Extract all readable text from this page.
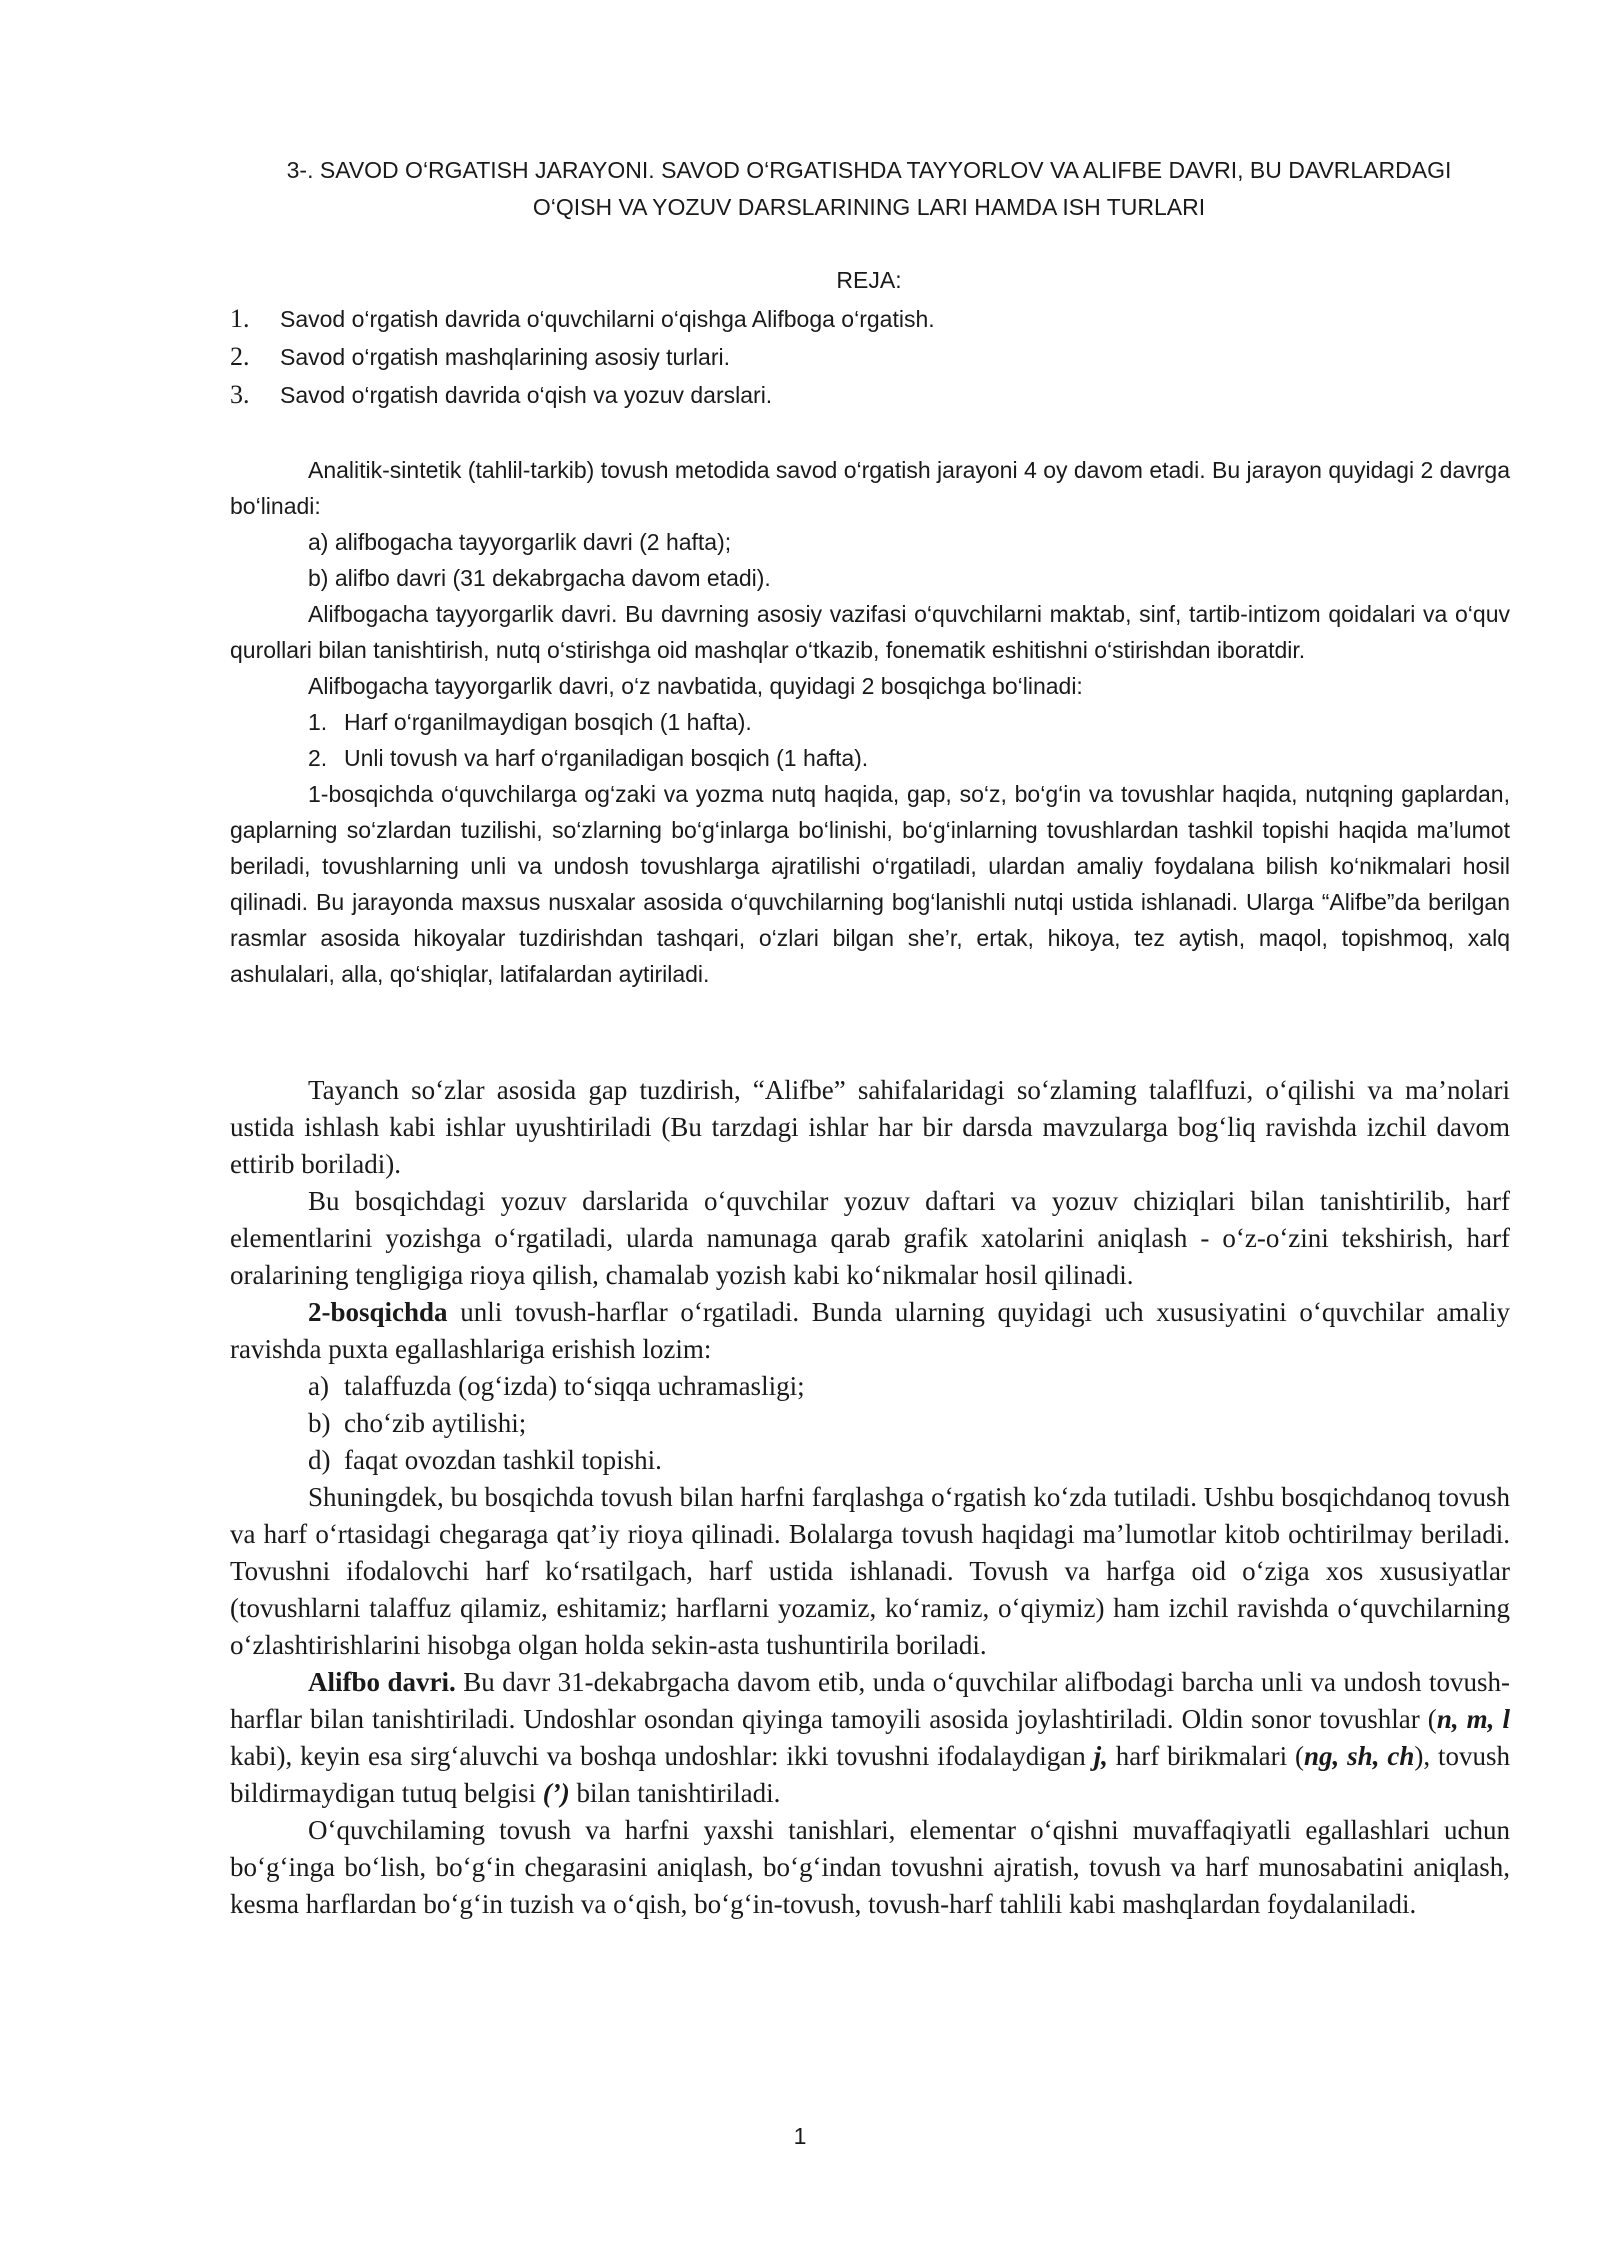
3-. SAVOD O‘RGATISH JARAYONI. SAVOD O‘RGATISHDA TAYYORLOV VA ALIFBE DAVRI, BU DAVRLARDAGI
O‘QISH VA YOZUV DARSLARINING LARI HAMDA ISH TURLARI
REJA:
1. Savod o‘rgatish davrida o‘quvchilarni o‘qishga Alifboga o‘rgatish.
2. Savod o‘rgatish mashqlarining asosiy turlari.
3. Savod o‘rgatish davrida o‘qish va yozuv darslari.

Analitik-sintetik (tahlil-tarkib) tovush metodida savod o‘rgatish jarayoni 4 oy davom etadi. Bu jarayon quyidagi 2 davrga bo‘linadi:

a) alifbogacha tayyorgarlik davri (2 hafta);

b) alifbo davri (31 dekabrgacha davom etadi).

Alifbogacha tayyorgarlik davri. Bu davrning asosiy vazifasi o‘quvchilarni maktab, sinf, tartib-intizom qoidalari va o‘quv qurollari bilan tanishtirish, nutq o‘stirishga oid mashqlar o‘tkazib, fonematik eshitishni o‘stirishdan iboratdir.

Alifbogacha tayyorgarlik davri, o‘z navbatida, quyidagi 2 bosqichga bo‘linadi:

1. Harf o‘rganilmaydigan bosqich (1 hafta).

2. Unli tovush va harf o‘rganiladigan bosqich (1 hafta).

1-bosqichda o‘quvchilarga og‘zaki va yozma nutq haqida, gap, so‘z, bo‘g‘in va tovushlar haqida, nutqning gaplardan, gaplarning so‘zlardan tuzilishi, so‘zlarning bo‘g‘inlarga bo‘linishi, bo‘g‘inlarning tovushlardan tashkil topishi haqida ma’lumot beriladi, tovushlarning unli va undosh tovushlarga ajratilishi o‘rgatiladi, ulardan amaliy foydalana bilish ko‘nikmalari hosil qilinadi. Bu jarayonda maxsus nusxalar asosida o‘quvchilarning bog‘lanishli nutqi ustida ishlanadi. Ularga “Alifbe”da berilgan rasmlar asosida hikoyalar tuzdirishdan tashqari, o‘zlari bilgan she’r, ertak, hikoya, tez aytish, maqol, topishmoq, xalq ashulalari, alla, qo‘shiqlar, latifalardan aytiriladi.

Tayanch so‘zlar asosida gap tuzdirish, “Alifbe” sahifalaridagi so‘zlaming talaflfuzi, o‘qilishi va ma’nolari ustida ishlash kabi ishlar uyushtiriladi (Bu tarzdagi ishlar har bir darsda mavzularga bog‘liq ravishda izchil davom ettirib boriladi).

Bu bosqichdagi yozuv darslarida o‘quvchilar yozuv daftari va yozuv chiziqlari bilan tanishtirilib, harf elementlarini yozishga o‘rgatiladi, ularda namunaga qarab grafik xatolarini aniqlash - o‘z-o‘zini tekshirish, harf oralarining tengligiga rioya qilish, chamalab yozish kabi ko‘nikmalar hosil qilinadi.

2-bosqichda unli tovush-harflar o‘rgatiladi. Bunda ularning quyidagi uch xususiyatini o‘quvchilar amaliy ravishda puxta egallashlariga erishish lozim:

a) talaffuzda (og‘izda) to‘siqqa uchramasligi;

b) cho‘zib aytilishi;

d) faqat ovozdan tashkil topishi.

Shuningdek, bu bosqichda tovush bilan harfni farqlashga o‘rgatish ko‘zda tutiladi. Ushbu bosqichdanoq tovush va harf o‘rtasidagi chegaraga qat’iy rioya qilinadi. Bolalarga tovush haqidagi ma’lumotlar kitob ochtirilmay beriladi. Tovushni ifodalovchi harf ko‘rsatilgach, harf ustida ishlanadi. Tovush va harfga oid o‘ziga xos xususiyatlar (tovushlarni talaffuz qilamiz, eshitamiz; harflarni yozamiz, ko‘ramiz, o‘qiymiz) ham izchil ravishda o‘quvchilarning o‘zlashtirishlarini hisobga olgan holda sekin-asta tushuntirila boriladi.

Alifbo davri. Bu davr 31-dekabrgacha davom etib, unda o‘quvchilar alifbodagi barcha unli va undosh tovush-harflar bilan tanishtiriladi. Undoshlar osondan qiyinga tamoyili asosida joylashtiriladi. Oldin sonor tovushlar (n, m, l kabi), keyin esa sirg‘aluvchi va boshqa undoshlar: ikki tovushni ifodalaydigan j, harf birikmalari (ng, sh, ch), tovush bildirmaydigan tutuq belgisi (’) bilan tanishtiriladi.

O‘quvchilaming tovush va harfni yaxshi tanishlari, elementar o‘qishni muvaffaqiyatli egallashlari uchun bo‘g‘inga bo‘lish, bo‘g‘in chegarasini aniqlash, bo‘g‘indan tovushni ajratish, tovush va harf munosabatini aniqlash, kesma harflardan bo‘g‘in tuzish va o‘qish, bo‘g‘in-tovush, tovush-harf tahlili kabi mashqlardan foydalaniladi.

1
